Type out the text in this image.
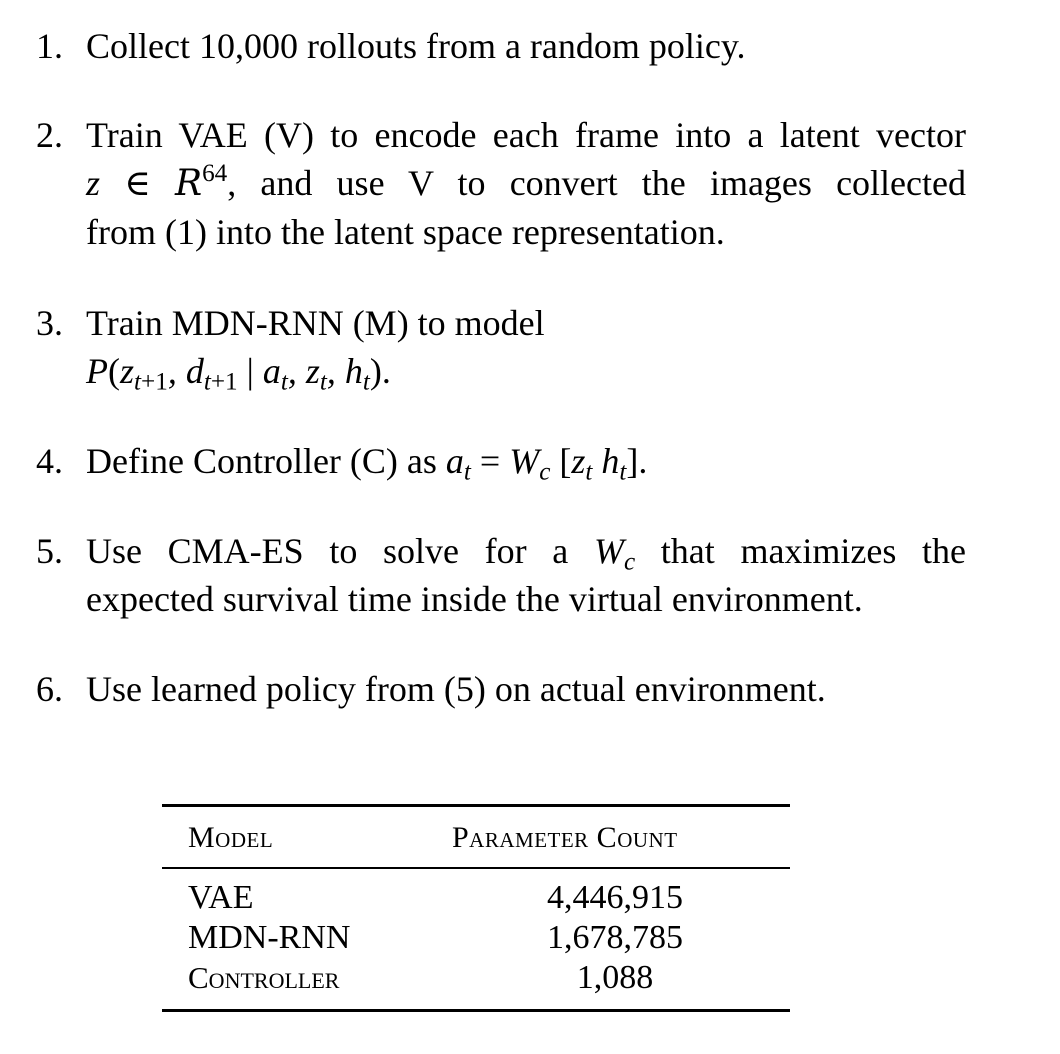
1. Collect 10,000 rollouts from a random policy.
2. Train VAE (V) to encode each frame into a latent vector
z ∈ $R^{64}$, and use V to convert the images collected
from (1) into the latent space representation.
3. Train MDN-RNN (M) to model
$P(z_{t+1}$, $d_{t+1}$ | $a_t$, $z_t$, $h_t$).
4. Define Controller (C) as $a_t = W_c$ [$z_t$ $h_t$].
5. Use CMA-ES to solve for a $W_c$ that maximizes the
expected survival time inside the virtual environment.
6. Use learned policy from (5) on actual environment.
Model	Parameter Count
VAE	4,446,915
MDN-RNN	1,678,785
Controller	1,088
